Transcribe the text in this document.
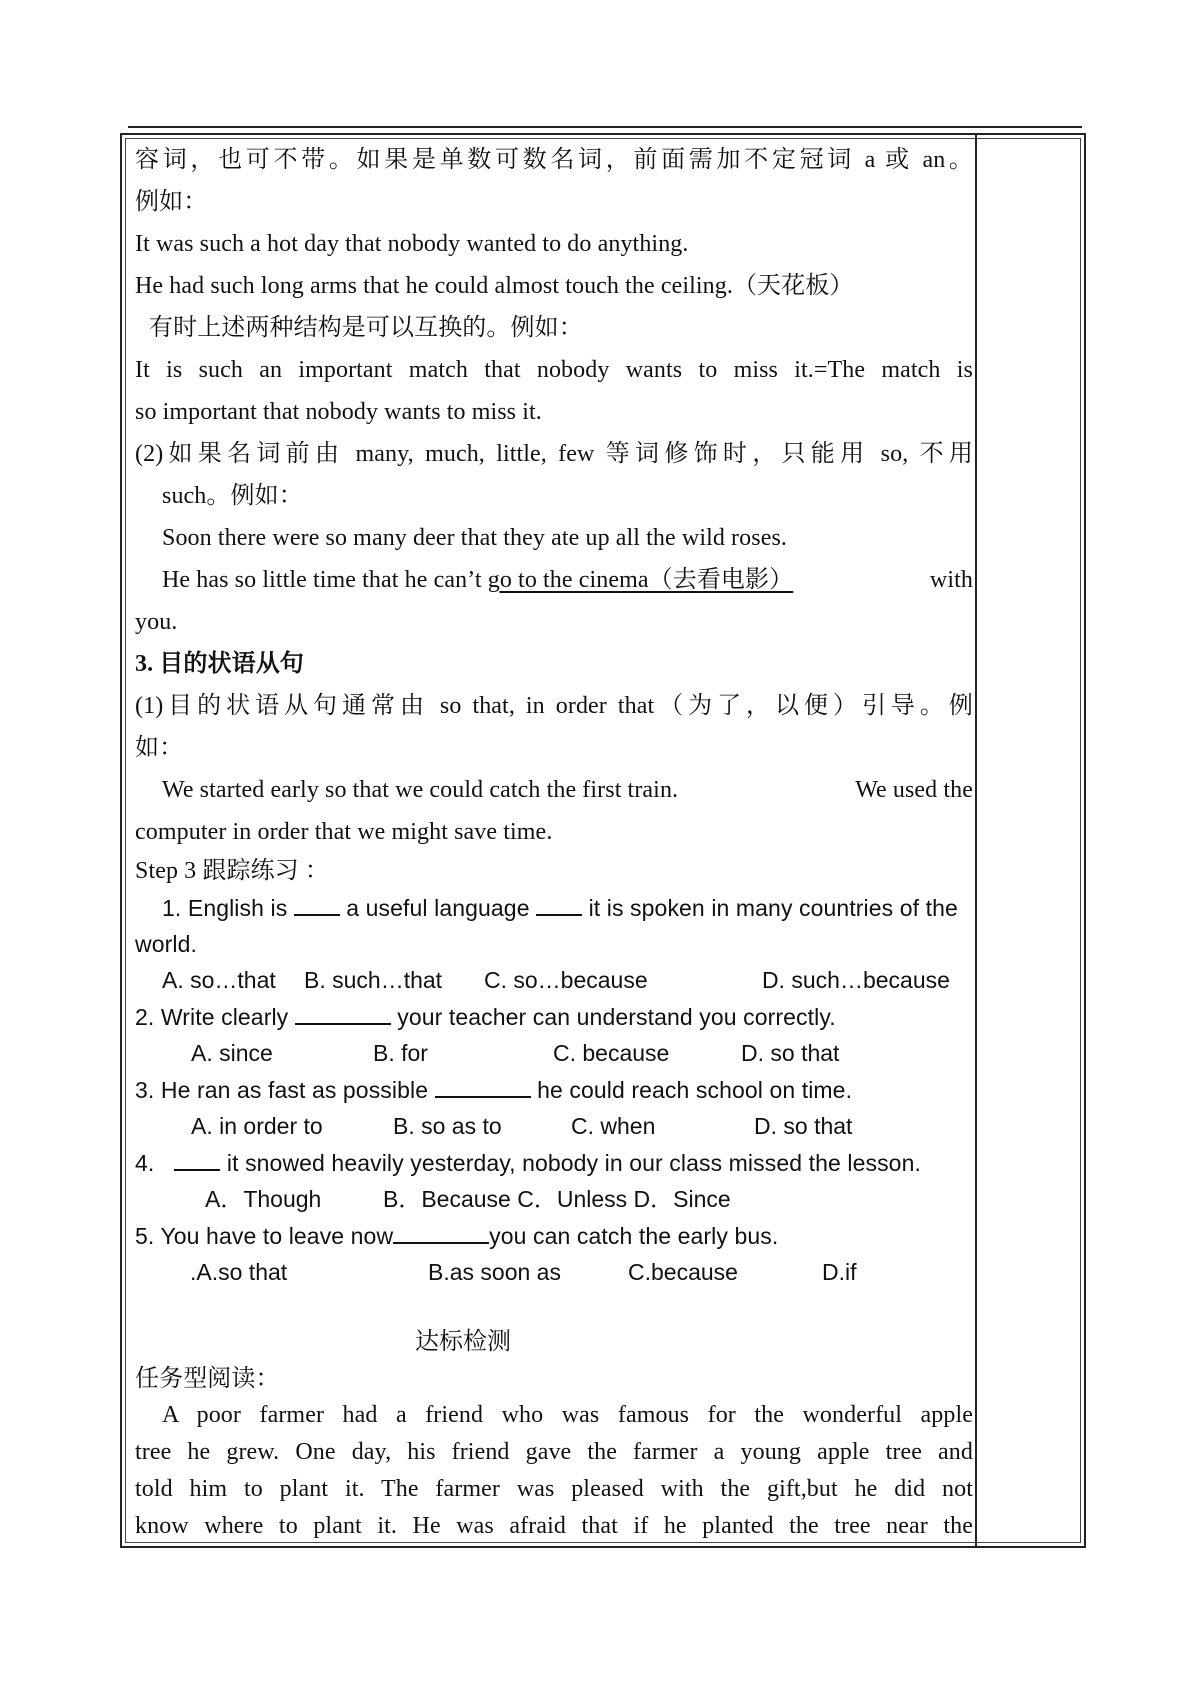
容词，也可不带。如果是单数可数名词，前面需加不定冠词 a 或 an。
例如：
It was such a hot day that nobody wanted to do anything.
He had such long arms that he could almost touch the ceiling.（天花板）
有时上述两种结构是可以互换的。例如：
It is such an important match that nobody wants to miss it.=The match is
so important that nobody wants to miss it.
(2)如果名词前由 many, much, little, few 等词修饰时，只能用 so, 不用
such。例如：
Soon there were so many deer that they ate up all the wild roses.
He has so little time that he can’t go to the cinema（去看电影）	with
you.
3. 目的状语从句
(1)目的状语从句通常由 so that, in order that（为了，以便）引导。例
如：
We started early so that we could catch the first train.	We used the
computer in order that we might save time.
Step 3 跟踪练习 ：
1. English is  a useful language  it is spoken in many countries of the
world.
A. so…that B. such…that C. so…because	D. such…because
2. Write clearly	your teacher can understand you correctly.
A. since	B. for	C. because	D. so that
3. He ran as fast as possible	he could reach school on time.
A. in order to	B. so as to	C. when	D. so that
4.	it snowed heavily yesterday, nobody in our class missed the lesson.
A．Though	B．Because C．Unless D．Since
5. You have to leave now	you can catch the early bus.
.A.so that	B.as soon as	C.because	D.if
达标检测
任务型阅读：
A poor farmer had a friend who was famous for the wonderful apple
tree he grew. One day, his friend gave the farmer a young apple tree and
told him to plant it. The farmer was pleased with the gift,but he did not
know where to plant it. He was afraid that if he planted the tree near the
